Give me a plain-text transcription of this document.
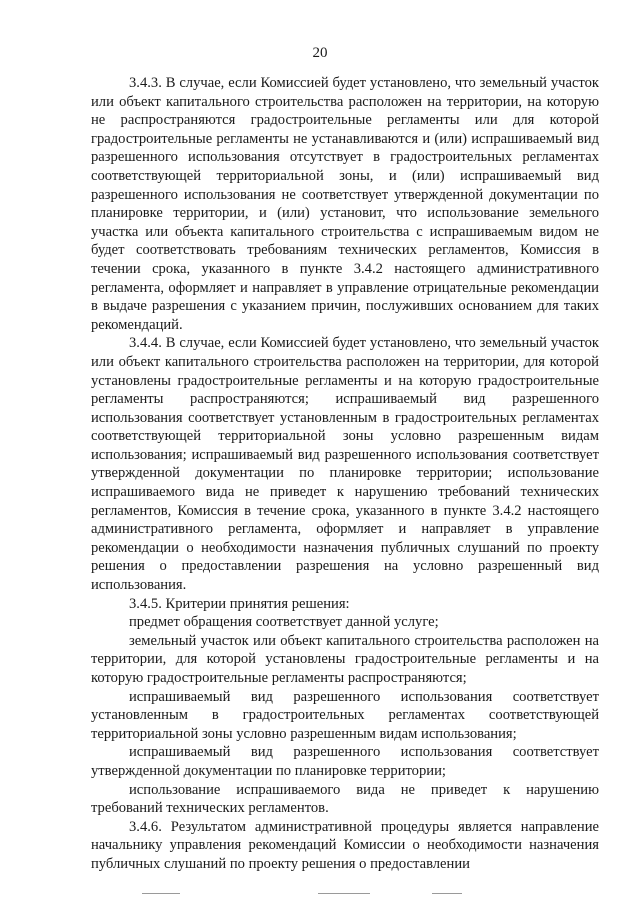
20

3.4.3. В случае, если Комиссией будет установлено, что земельный участок или объект капитального строительства расположен на территории, на которую не распространяются градостроительные регламенты или для которой градостроительные регламенты не устанавливаются и (или) испрашиваемый вид разрешенного использования отсутствует в градостроительных регламентах соответствующей территориальной зоны, и (или) испрашиваемый вид разрешенного использования не соответствует утвержденной документации по планировке территории, и (или) установит, что использование земельного участка или объекта капитального строительства с испрашиваемым видом не будет соответствовать требованиям технических регламентов, Комиссия в течении срока, указанного в пункте 3.4.2 настоящего административного регламента, оформляет и направляет в управление отрицательные рекомендации в выдаче разрешения с указанием причин, послуживших основанием для таких рекомендаций.

3.4.4. В случае, если Комиссией будет установлено, что земельный участок или объект капитального строительства расположен на территории, для которой установлены градостроительные регламенты и на которую градостроительные регламенты распространяются; испрашиваемый вид разрешенного использования соответствует установленным в градостроительных регламентах соответствующей территориальной зоны условно разрешенным видам использования; испрашиваемый вид разрешенного использования соответствует утвержденной документации по планировке территории; использование испрашиваемого вида не приведет к нарушению требований технических регламентов, Комиссия в течение срока, указанного в пункте 3.4.2 настоящего административного регламента, оформляет и направляет в управление рекомендации о необходимости назначения публичных слушаний по проекту решения о предоставлении разрешения на условно разрешенный вид использования.

3.4.5. Критерии принятия решения:

предмет обращения соответствует данной услуге;

земельный участок или объект капитального строительства расположен на территории, для которой установлены градостроительные регламенты и на которую градостроительные регламенты распространяются;

испрашиваемый вид разрешенного использования соответствует установленным в градостроительных регламентах соответствующей территориальной зоны условно разрешенным видам использования;

испрашиваемый вид разрешенного использования соответствует утвержденной документации по планировке территории;

использование испрашиваемого вида не приведет к нарушению требований технических регламентов.

3.4.6. Результатом административной процедуры является направление начальнику управления рекомендаций Комиссии о необходимости назначения публичных слушаний по проекту решения о предоставлении
